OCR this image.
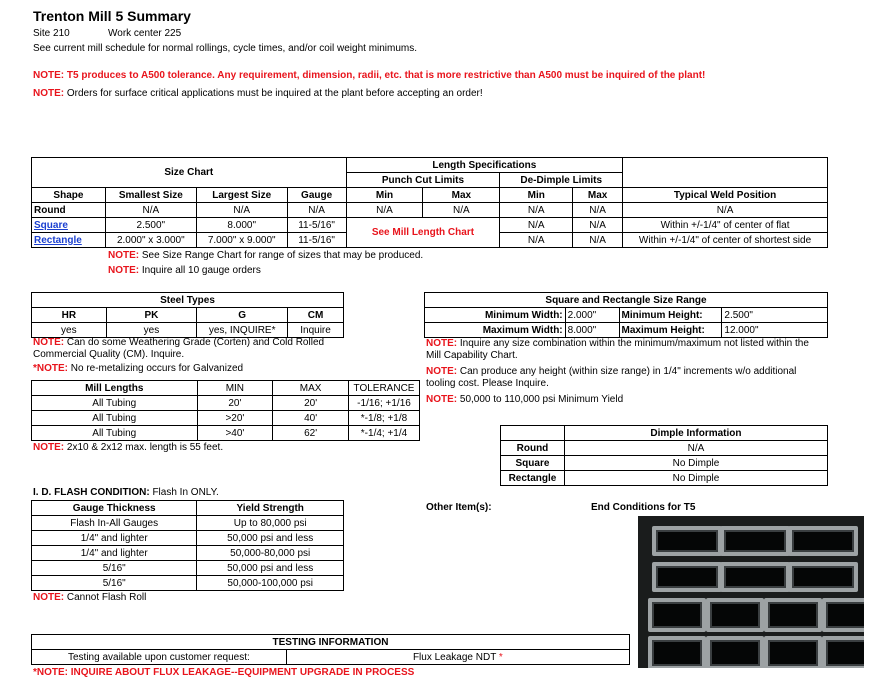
Trenton Mill 5 Summary
Site 210	Work center 225
See current mill schedule for normal rollings, cycle times, and/or coil weight minimums.
NOTE: T5 produces to A500 tolerance. Any requirement, dimension, radii, etc. that is more restrictive than A500 must be inquired of the plant!
NOTE: Orders for surface critical applications must be inquired at the plant before accepting an order!
Size Chart				Length Specifications				
				Punch Cut Limits		De-Dimple Limits		
Shape	Smallest Size	Largest Size	Gauge	Min	Max	Min	Max	Typical Weld Position
Round	N/A	N/A	N/A	N/A	N/A	N/A	N/A	N/A
Square	2.500"	8.000"	11-5/16"	See Mill Length Chart		N/A	N/A	Within +/-1/4" of center of flat
Rectangle	2.000" x 3.000"	7.000" x 9.000"	11-5/16"			N/A	N/A	Within +/-1/4" of center of shortest side
NOTE: See Size Range Chart for range of sizes that may be produced.
NOTE: Inquire all 10 gauge orders
Steel Types			
HR	PK	G	CM
yes	yes	yes, INQUIRE*	Inquire
NOTE: Can do some Weathering Grade (Corten) and Cold Rolled
Commercial Quality (CM). Inquire.
*NOTE: No re-metalizing occurs for Galvanized
Mill Lengths	MIN	MAX	TOLERANCE
All Tubing	20'	20'	-1/16; +1/16
All Tubing	>20'	40'	*-1/8; +1/8
All Tubing	>40'	62'	*-1/4; +1/4
NOTE: 2x10 & 2x12 max. length is 55 feet.
Square and Rectangle Size Range			
Minimum Width:	2.000"	Minimum Height:	2.500"
Maximum Width:	8.000"	Maximum Height:	12.000"
NOTE: Inquire any size combination within the minimum/maximum not listed within the
Mill Capability Chart.
NOTE: Can produce any height (within size range) in 1/4" increments w/o additional
tooling cost. Please Inquire.
NOTE: 50,000 to 110,000 psi Minimum Yield
	Dimple Information
Round	N/A
Square	No Dimple
Rectangle	No Dimple
I. D. FLASH CONDITION: Flash In ONLY.
Gauge Thickness	Yield Strength
Flash In-All Gauges	Up to 80,000 psi
1/4" and lighter	50,000 psi and less
1/4" and lighter	50,000-80,000 psi
5/16"	50,000 psi and less
5/16"	50,000-100,000 psi
NOTE: Cannot Flash Roll
Other Item(s):	End Conditions for T5
TESTING INFORMATION
Testing available upon customer request:	Flux Leakage NDT *
*NOTE: INQUIRE ABOUT FLUX LEAKAGE--EQUIPMENT UPGRADE IN PROCESS
